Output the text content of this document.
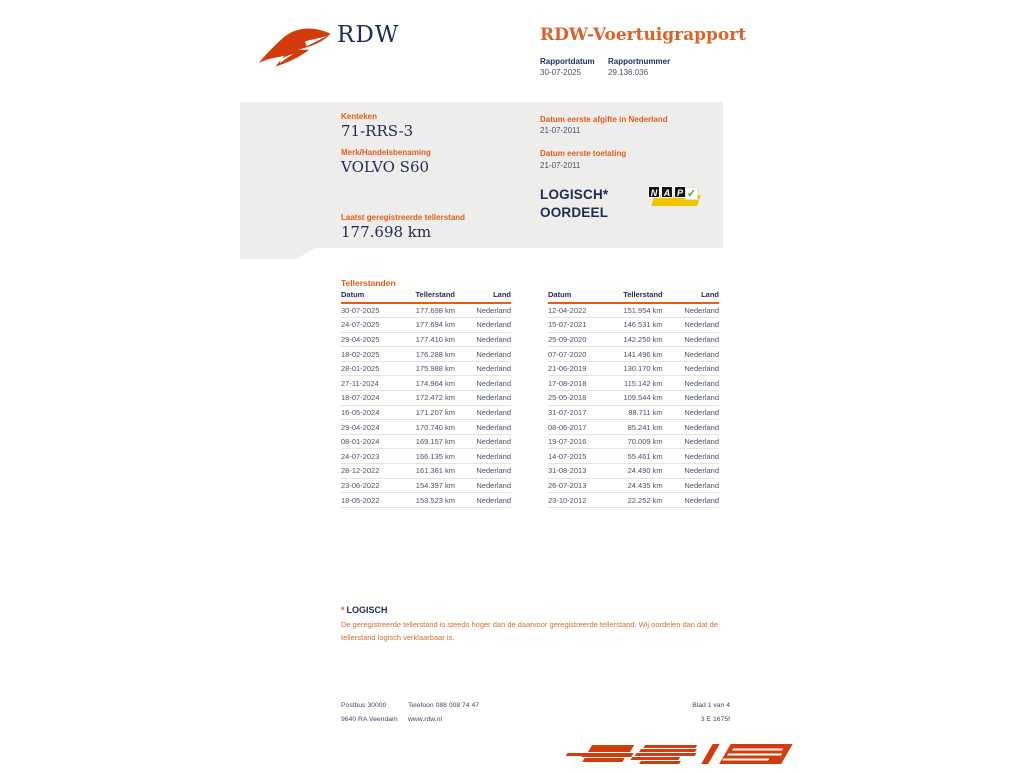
RDW	RDW-Voertuigrapport
Rapportdatum
30-07-2025
Rapportnummer
29.136.036
Kenteken
71-RRS-3
Merk/Handelsbenaming
VOLVO S60
Laatst geregistreerde tellerstand
177.698 km
Datum eerste afgifte in Nederland
21-07-2011
Datum eerste toelating
21-07-2011
LOGISCH*
OORDEEL
N A P ✓
Tellerstanden
Datum	Tellerstand	Land
30-07-2025	177.698 km	Nederland
24-07-2025	177.694 km	Nederland
29-04-2025	177.410 km	Nederland
18-02-2025	176.288 km	Nederland
28-01-2025	175.988 km	Nederland
27-11-2024	174.964 km	Nederland
18-07-2024	172.472 km	Nederland
16-05-2024	171.207 km	Nederland
29-04-2024	170.740 km	Nederland
08-01-2024	169.157 km	Nederland
24-07-2023	166.135 km	Nederland
28-12-2022	161.361 km	Nederland
23-06-2022	154.397 km	Nederland
18-05-2022	153.523 km	Nederland
Datum	Tellerstand	Land
12-04-2022	151.954 km	Nederland
15-07-2021	146.531 km	Nederland
25-09-2020	142.250 km	Nederland
07-07-2020	141.496 km	Nederland
21-06-2019	130.170 km	Nederland
17-08-2018	115.142 km	Nederland
25-05-2018	109.544 km	Nederland
31-07-2017	88.711 km	Nederland
08-06-2017	85.241 km	Nederland
19-07-2016	70.009 km	Nederland
14-07-2015	55.461 km	Nederland
31-08-2013	24.490 km	Nederland
26-07-2013	24.435 km	Nederland
23-10-2012	22.252 km	Nederland
* LOGISCH
De geregistreerde tellerstand is steeds hoger dan de daarvoor geregistreerde tellerstand. Wij oordelen dan dat de tellerstand logisch verklaarbaar is.
Postbus 30000
9640 RA Veendam
Telefoon 088 008 74 47
www.rdw.nl
Blad 1 van 4
3 E 1675f
